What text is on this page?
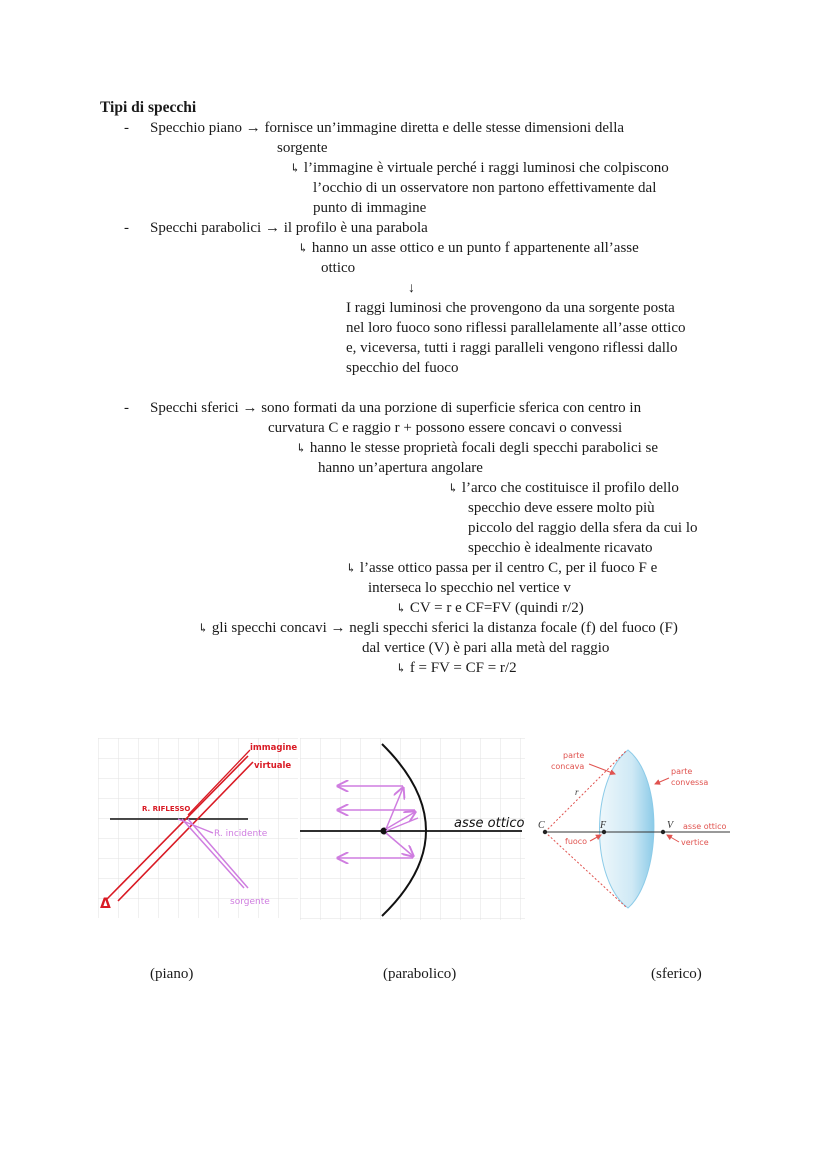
Tipi di specchi
- Specchio piano → fornisce un’immagine diretta e delle stesse dimensioni della
sorgente
↳ l’immagine è virtuale perché i raggi luminosi che colpiscono
l’occhio di un osservatore non partono effettivamente dal
punto di immagine
- Specchi parabolici → il profilo è una parabola
↳ hanno un asse ottico e un punto f appartenente all’asse
ottico
↓
I raggi luminosi che provengono da una sorgente posta
nel loro fuoco sono riflessi parallelamente all’asse ottico
e, viceversa, tutti i raggi paralleli vengono riflessi dallo
specchio del fuoco
- Specchi sferici → sono formati da una porzione di superficie sferica con centro in
curvatura C e raggio r + possono essere concavi o convessi
↳ hanno le stesse proprietà focali degli specchi parabolici se
hanno un’apertura angolare
↳ l’arco che costituisce il profilo dello
specchio deve essere molto più
piccolo del raggio della sfera da cui lo
specchio è idealmente ricavato
↳ l’asse ottico passa per il centro C, per il fuoco F e
interseca lo specchio nel vertice v
↳ CV = r e CF=FV (quindi r/2)
↳ gli specchi concavi → negli specchi sferici la distanza focale (f) del fuoco (F)
dal vertice (V) è pari alla metà del raggio
↳ f = FV = CF = r/2
Δ
immagine
virtuale
R. RIFLESSO
R. incidente
sorgente
asse ottico C	F	V
r
parte
concava
parte
convessa
asse ottico
fuoco	vertice
(piano)	(parabolico)	(sferico)
